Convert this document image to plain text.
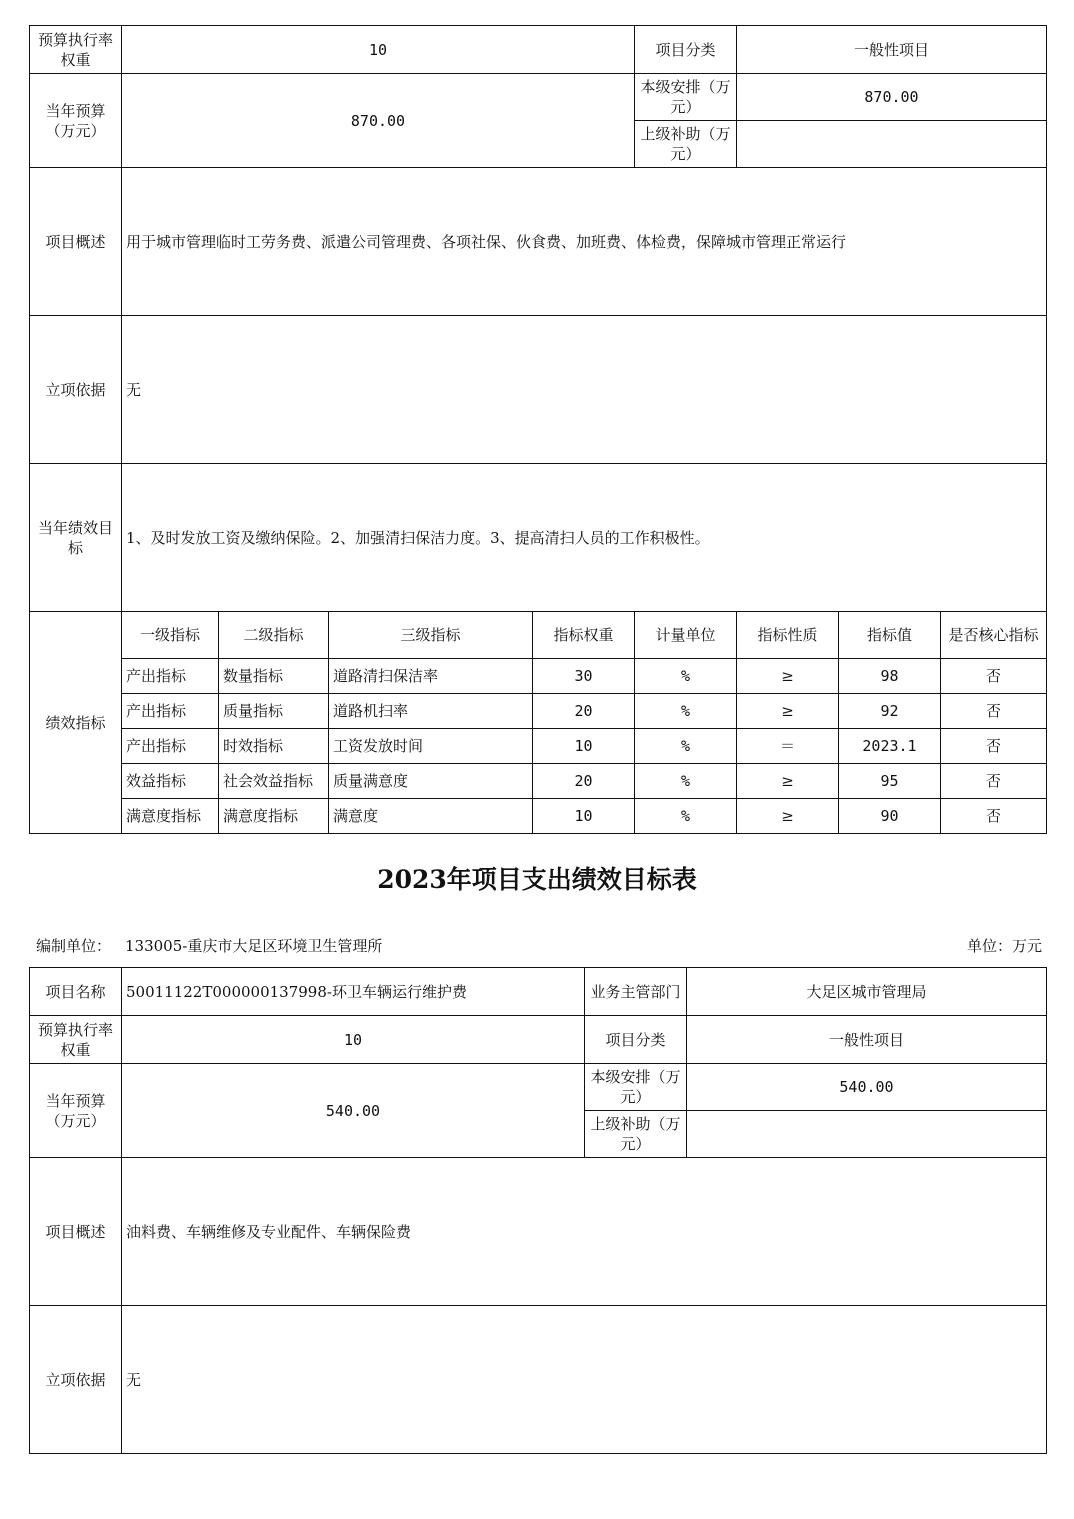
预算执行率权重	10				项目分类	一般性项目		
当年预算（万元）	870.00				本级安排（万元）	870.00		
					上级补助（万元）			
项目概述	用于城市管理临时工劳务费、派遣公司管理费、各项社保、伙食费、加班费、体检费，保障城市管理正常运行							
立项依据	无							
当年绩效目标	1、及时发放工资及缴纳保险。2、加强清扫保洁力度。3、提高清扫人员的工作积极性。							
绩效指标	一级指标	二级指标	三级指标	指标权重	计量单位	指标性质	指标值	是否核心指标
	产出指标	数量指标	道路清扫保洁率	30	%	≥	98	否
	产出指标	质量指标	道路机扫率	20	%	≥	92	否
	产出指标	时效指标	工资发放时间	10	%	＝	2023.1	否
	效益指标	社会效益指标	质量满意度	20	%	≥	95	否
	满意度指标	满意度指标	满意度	10	%	≥	90	否
2023年项目支出绩效目标表
编制单位： 133005-重庆市大足区环境卫生管理所	单位：万元
项目名称	50011122T000000137998-环卫车辆运行维护费	业务主管部门	大足区城市管理局
预算执行率权重	10	项目分类	一般性项目
当年预算（万元）	540.00	本级安排（万元）	540.00
		上级补助（万元）	
项目概述	油料费、车辆维修及专业配件、车辆保险费		
立项依据	无		
